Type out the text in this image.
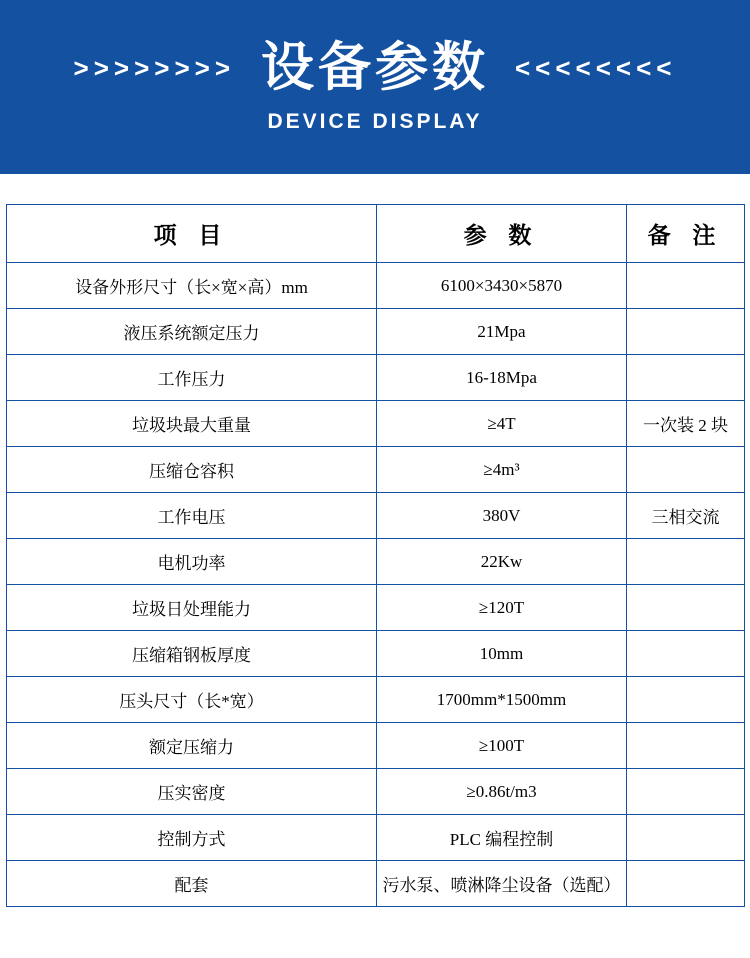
>>>>>>>> 设备参数 <<<<<<<<
DEVICE DISPLAY
项 目	参 数	备 注
设备外形尺寸（长×宽×高）mm	6100×3430×5870	
液压系统额定压力	21Mpa	
工作压力	16-18Mpa	
垃圾块最大重量	≥4T	一次装 2 块
压缩仓容积	≥4m³	
工作电压	380V	三相交流
电机功率	22Kw	
垃圾日处理能力	≥120T	
压缩箱钢板厚度	10mm	
压头尺寸（长*宽）	1700mm*1500mm	
额定压缩力	≥100T	
压实密度	≥0.86t/m3	
控制方式	PLC 编程控制	
配套	污水泵、喷淋降尘设备（选配）	
